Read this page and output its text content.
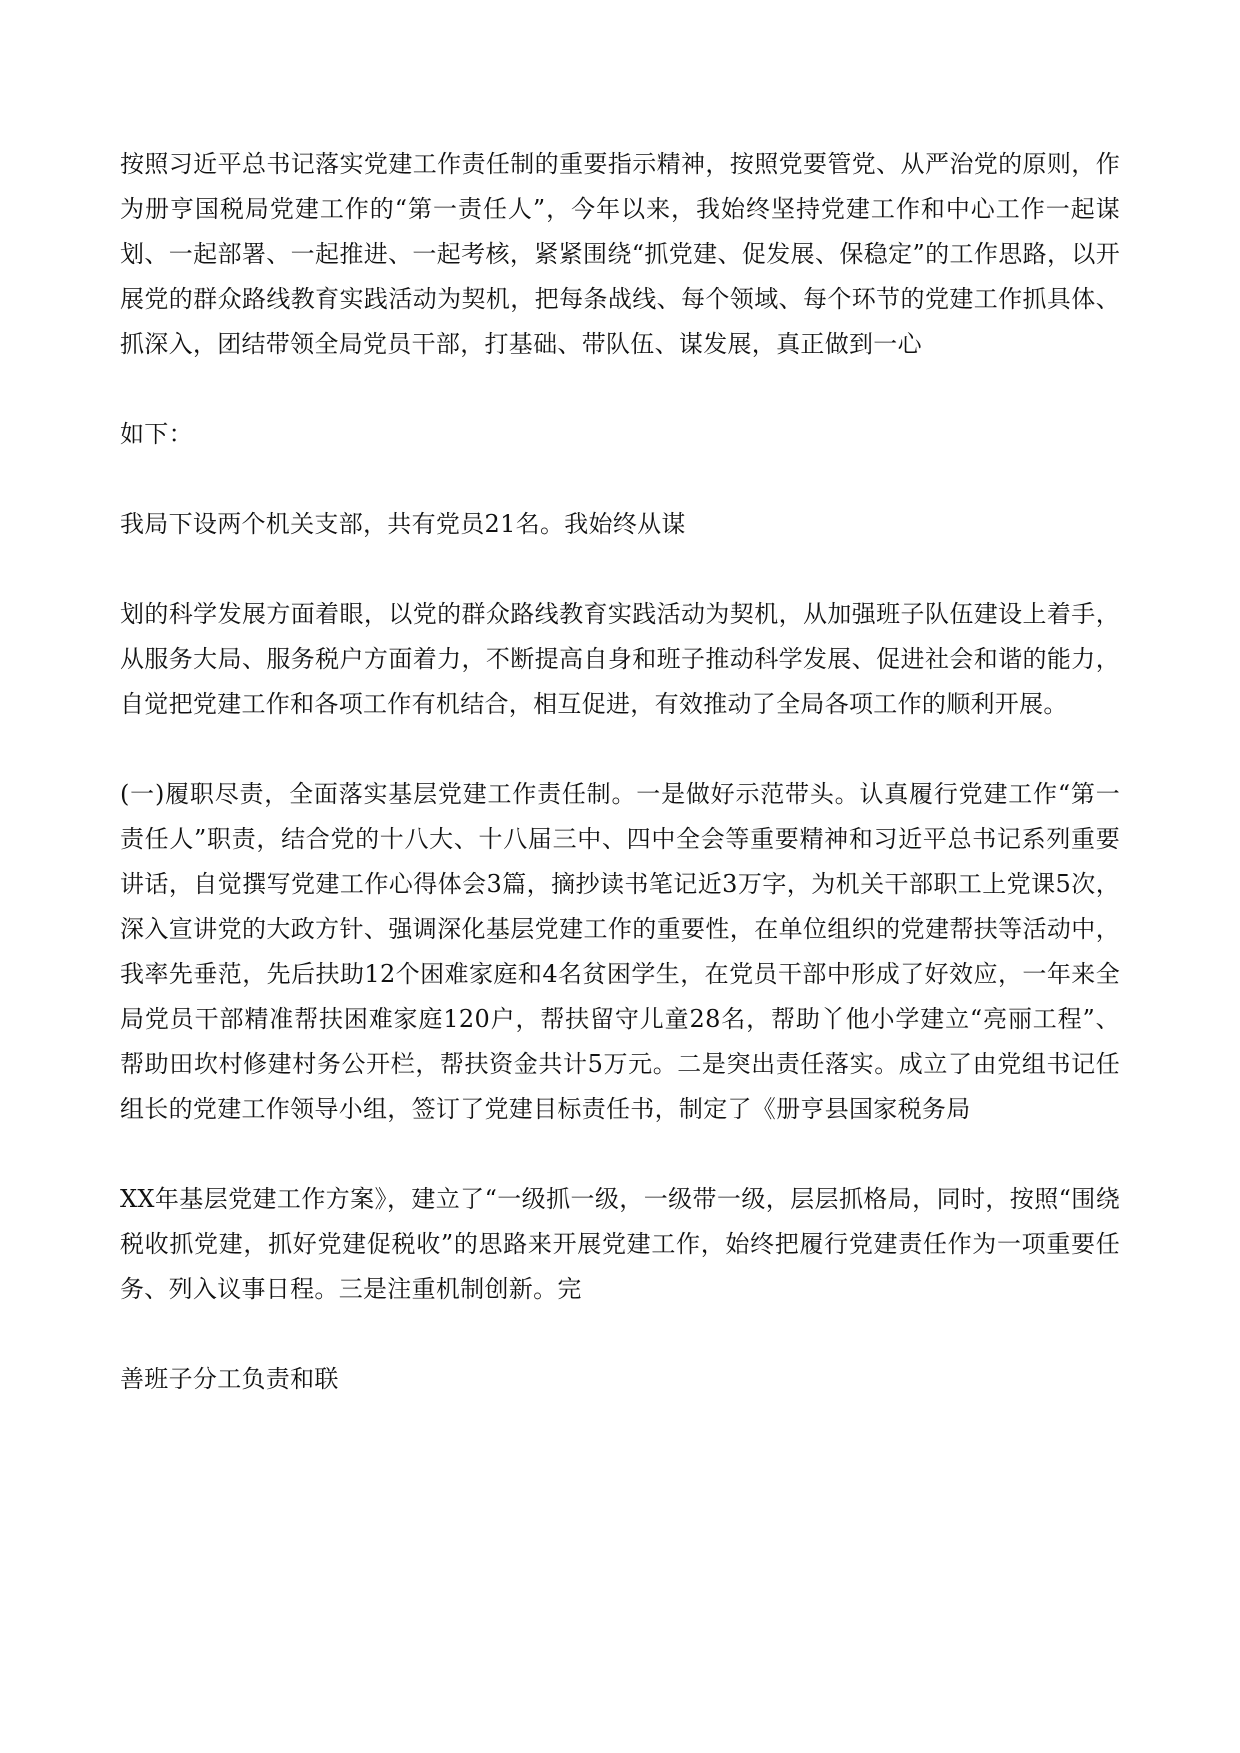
按照习近平总书记落实党建工作责任制的重要指示精神，按照党要管党、从严治党的原则，作为册亨国税局党建工作的“第一责任人”，今年以来，我始终坚持党建工作和中心工作一起谋划、一起部署、一起推进、一起考核，紧紧围绕“抓党建、促发展、保稳定”的工作思路，以开展党的群众路线教育实践活动为契机，把每条战线、每个领域、每个环节的党建工作抓具体、抓深入，团结带领全局党员干部，打基础、带队伍、谋发展，真正做到一心

如下：

我局下设两个机关支部，共有党员21名。我始终从谋

划的科学发展方面着眼，以党的群众路线教育实践活动为契机，从加强班子队伍建设上着手，从服务大局、服务税户方面着力，不断提高自身和班子推动科学发展、促进社会和谐的能力，自觉把党建工作和各项工作有机结合，相互促进，有效推动了全局各项工作的顺利开展。

(一)履职尽责，全面落实基层党建工作责任制。一是做好示范带头。认真履行党建工作“第一责任人”职责，结合党的十八大、十八届三中、四中全会等重要精神和习近平总书记系列重要讲话，自觉撰写党建工作心得体会3篇，摘抄读书笔记近3万字，为机关干部职工上党课5次，深入宣讲党的大政方针、强调深化基层党建工作的重要性，在单位组织的党建帮扶等活动中，我率先垂范，先后扶助12个困难家庭和4名贫困学生，在党员干部中形成了好效应，一年来全局党员干部精准帮扶困难家庭120户，帮扶留守儿童28名，帮助丫他小学建立“亮丽工程”、帮助田坎村修建村务公开栏，帮扶资金共计5万元。二是突出责任落实。成立了由党组书记任组长的党建工作领导小组，签订了党建目标责任书，制定了《册亨县国家税务局

XX年基层党建工作方案》，建立了“一级抓一级，一级带一级，层层抓格局，同时，按照“围绕税收抓党建，抓好党建促税收”的思路来开展党建工作，始终把履行党建责任作为一项重要任务、列入议事日程。三是注重机制创新。完

善班子分工负责和联
